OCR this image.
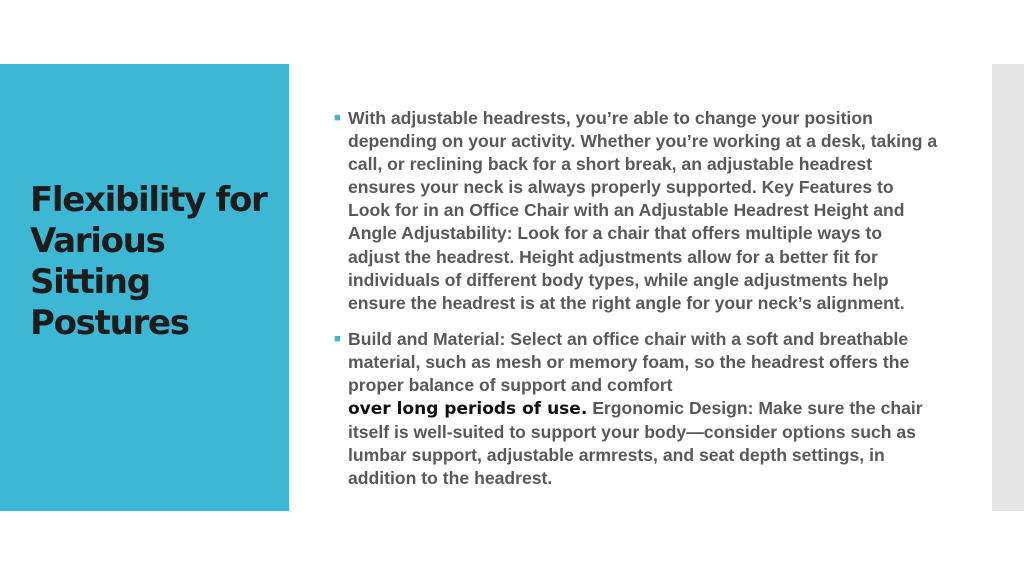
Flexibility for Various Sitting Postures
■ With adjustable headrests, you’re able to change your position depending on your activity. Whether you’re working at a desk, taking a call, or reclining back for a short break, an adjustable headrest ensures your neck is always properly supported. Key Features to Look for in an Office Chair with an Adjustable Headrest Height and Angle Adjustability: Look for a chair that offers multiple ways to adjust the headrest. Height adjustments allow for a better fit for individuals of different body types, while angle adjustments help ensure the headrest is at the right angle for your neck’s alignment.
■ Build and Material: Select an office chair with a soft and breathable material, such as mesh or memory foam, so the headrest offers the proper balance of support and comfort
over long periods of use. Ergonomic Design: Make sure the chair itself is well-suited to support your body—consider options such as lumbar support, adjustable armrests, and seat depth settings, in addition to the headrest.
